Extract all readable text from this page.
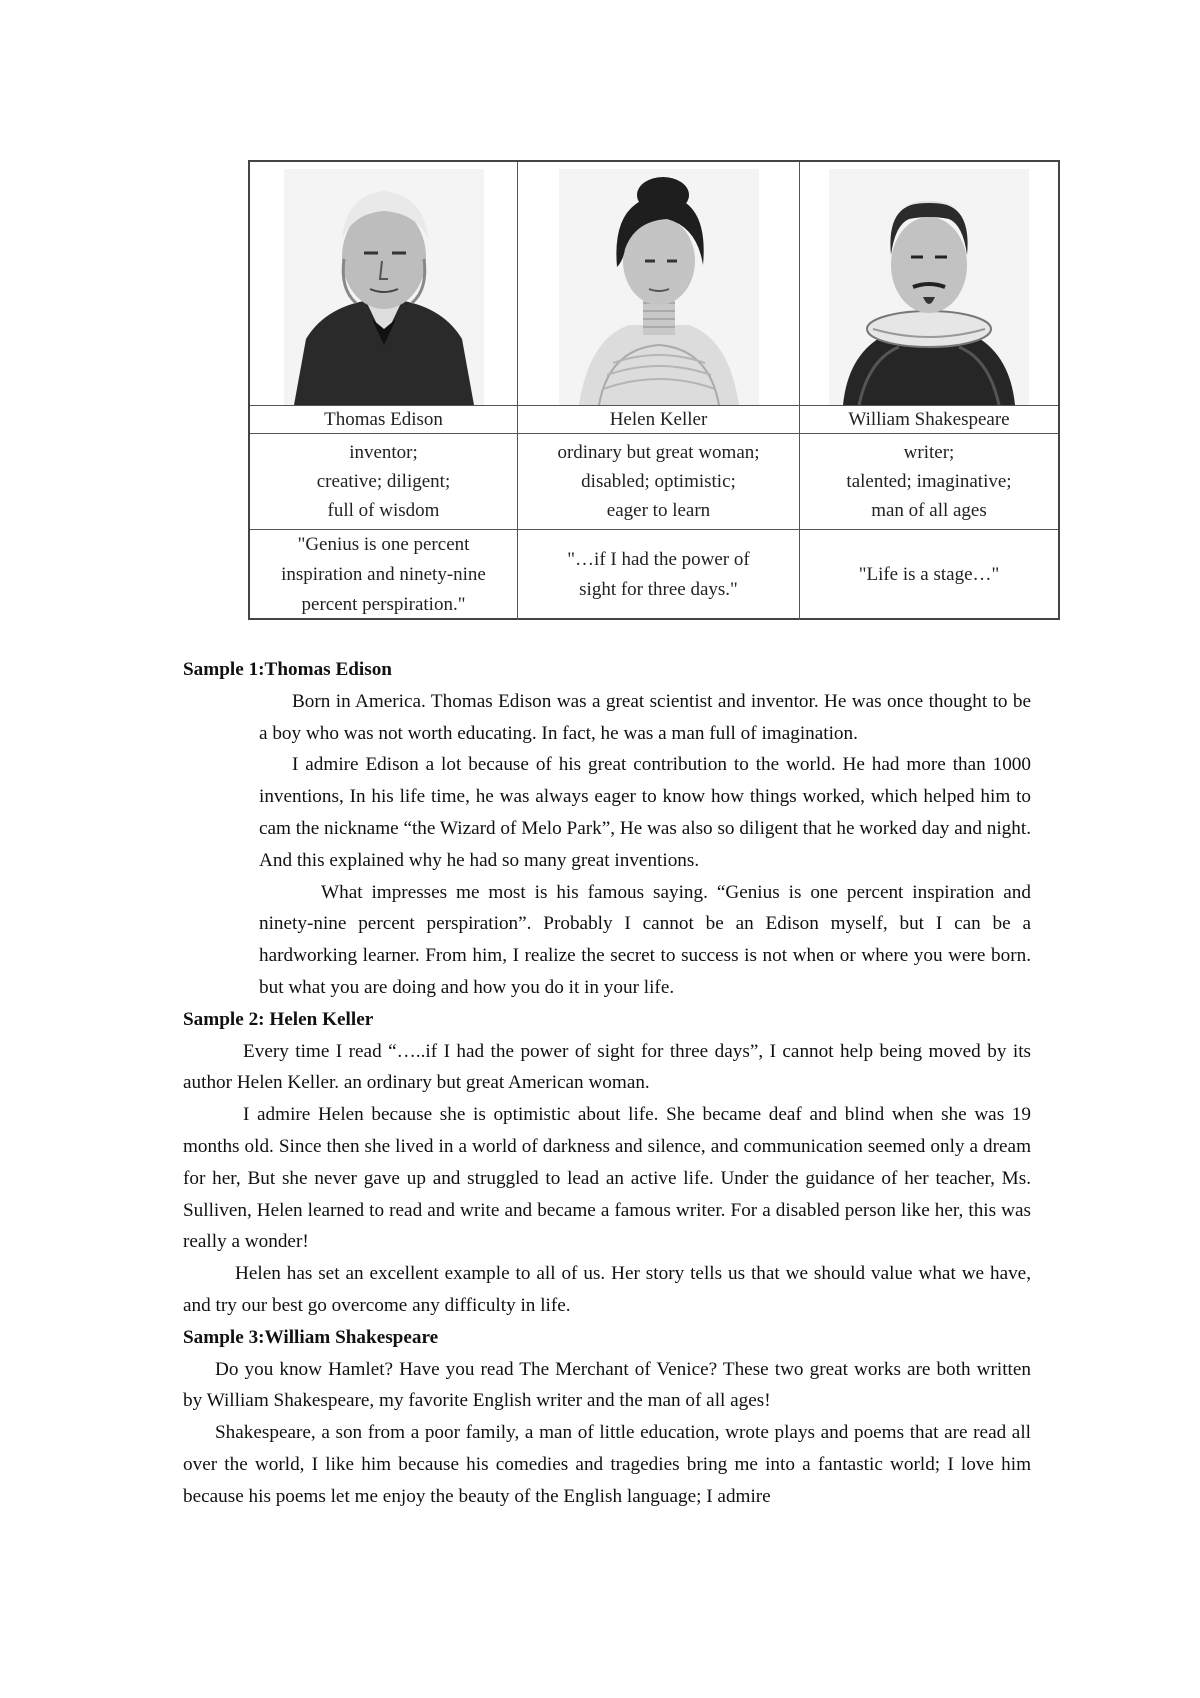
Thomas Edison	Helen Keller	William Shakespeare
inventor;
creative; diligent;
full of wisdom
ordinary but great woman;
disabled; optimistic;
eager to learn
writer;
talented; imaginative;
man of all ages
"Genius is one percent
inspiration and ninety-nine
percent perspiration."
"…if I had the power of
sight for three days."
"Life is a stage…"

Sample 1:Thomas Edison

Born in America. Thomas Edison was a great scientist and inventor. He was once thought to be a boy who was not worth educating. In fact, he was a man full of imagination.

I admire Edison a lot because of his great contribution to the world. He had more than 1000 inventions, In his life time, he was always eager to know how things worked, which helped him to cam the nickname “the Wizard of Melo Park”, He was also so diligent that he worked day and night. And this explained why he had so many great inventions.

What impresses me most is his famous saying. “Genius is one percent inspiration and ninety-nine percent perspiration”. Probably I cannot be an Edison myself, but I can be a hardworking learner. From him, I realize the secret to success is not when or where you were born. but what you are doing and how you do it in your life.

Sample 2: Helen Keller

Every time I read “…..if I had the power of sight for three days”, I cannot help being moved by its author Helen Keller. an ordinary but great American woman.

I admire Helen because she is optimistic about life. She became deaf and blind when she was 19 months old. Since then she lived in a world of darkness and silence, and communication seemed only a dream for her, But she never gave up and struggled to lead an active life. Under the guidance of her teacher, Ms. Sulliven, Helen learned to read and write and became a famous writer. For a disabled person like her, this was really a wonder!

Helen has set an excellent example to all of us. Her story tells us that we should value what we have, and try our best go overcome any difficulty in life.

Sample 3:William Shakespeare

Do you know Hamlet? Have you read The Merchant of Venice? These two great works are both written by William Shakespeare, my favorite English writer and the man of all ages!

Shakespeare, a son from a poor family, a man of little education, wrote plays and poems that are read all over the world, I like him because his comedies and tragedies bring me into a fantastic world; I love him because his poems let me enjoy the beauty of the English language; I admire
